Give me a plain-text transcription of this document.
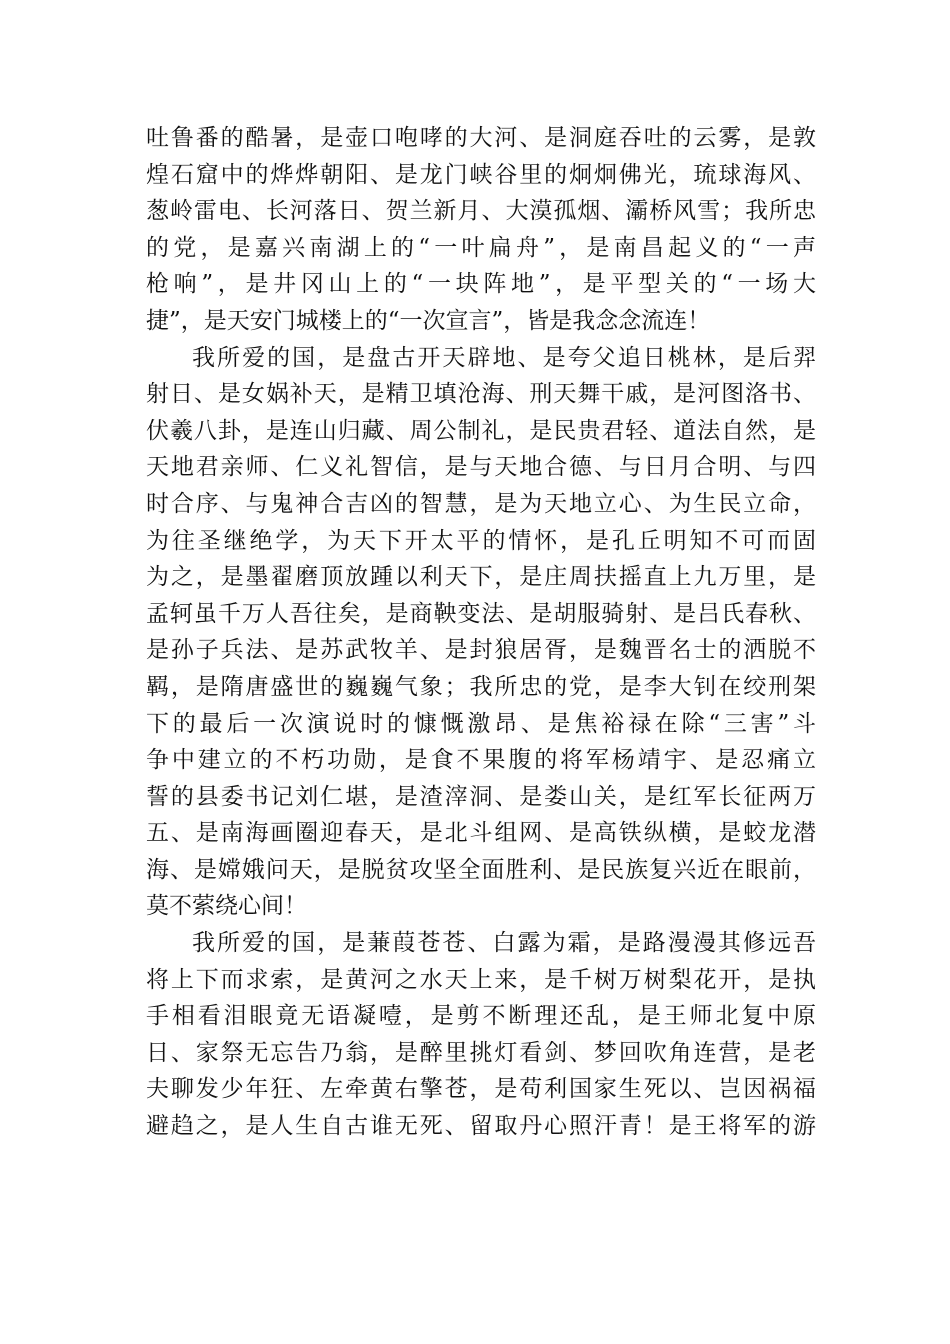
吐鲁番的酷暑，是壶口咆哮的大河、是洞庭吞吐的云雾，是敦
煌石窟中的烨烨朝阳、是龙门峡谷里的炯炯佛光，琉球海风、
葱岭雷电、长河落日、贺兰新月、大漠孤烟、灞桥风雪；我所忠
的党，是嘉兴南湖上的“一叶扁舟”，是南昌起义的“一声
枪响”，是井冈山上的“一块阵地”，是平型关的“一场大
捷”，是天安门城楼上的“一次宣言”，皆是我念念流连！
我所爱的国，是盘古开天辟地、是夸父追日桃林，是后羿
射日、是女娲补天，是精卫填沧海、刑天舞干戚，是河图洛书、
伏羲八卦，是连山归藏、周公制礼，是民贵君轻、道法自然，是
天地君亲师、仁义礼智信，是与天地合德、与日月合明、与四
时合序、与鬼神合吉凶的智慧，是为天地立心、为生民立命，
为往圣继绝学，为天下开太平的情怀，是孔丘明知不可而固
为之，是墨翟磨顶放踵以利天下，是庄周扶摇直上九万里，是
孟轲虽千万人吾往矣，是商鞅变法、是胡服骑射、是吕氏春秋、
是孙子兵法、是苏武牧羊、是封狼居胥，是魏晋名士的洒脱不
羁，是隋唐盛世的巍巍气象；我所忠的党，是李大钊在绞刑架
下的最后一次演说时的慷慨激昂、是焦裕禄在除“三害”斗
争中建立的不朽功勋，是食不果腹的将军杨靖宇、是忍痛立
誓的县委书记刘仁堪，是渣滓洞、是娄山关，是红军长征两万
五、是南海画圈迎春天，是北斗组网、是高铁纵横，是蛟龙潜
海、是嫦娥问天，是脱贫攻坚全面胜利、是民族复兴近在眼前，
莫不萦绕心间！
我所爱的国，是蒹葭苍苍、白露为霜，是路漫漫其修远吾
将上下而求索，是黄河之水天上来，是千树万树梨花开，是执
手相看泪眼竟无语凝噎，是剪不断理还乱，是王师北复中原
日、家祭无忘告乃翁，是醉里挑灯看剑、梦回吹角连营，是老
夫聊发少年狂、左牵黄右擎苍，是苟利国家生死以、岂因祸福
避趋之，是人生自古谁无死、留取丹心照汗青！是王将军的游
